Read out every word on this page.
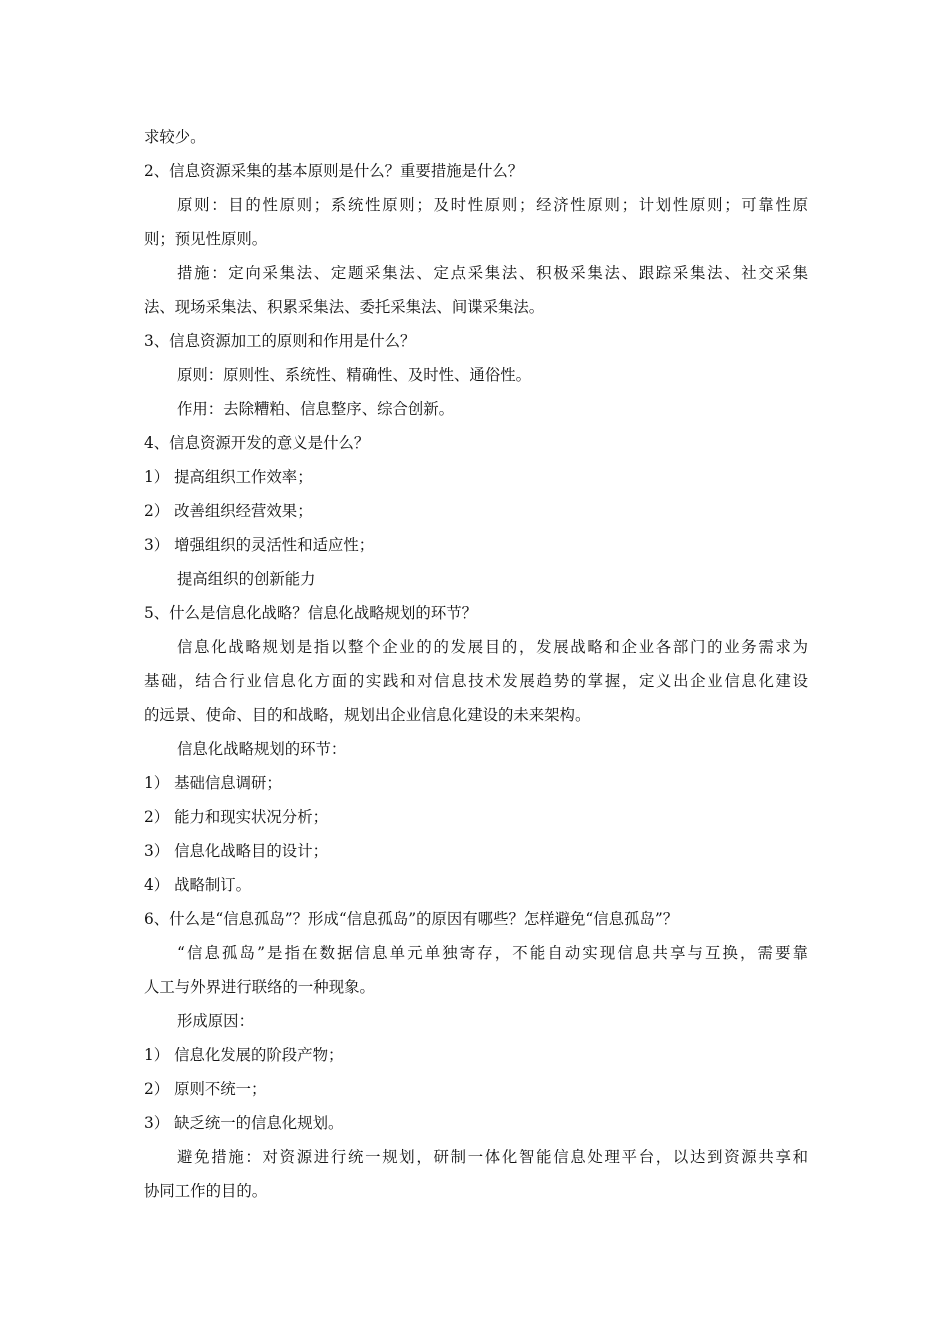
求较少。
2、信息资源采集的基本原则是什么？重要措施是什么？
原则：目的性原则；系统性原则；及时性原则；经济性原则；计划性原则；可靠性原
则；预见性原则。
措施：定向采集法、定题采集法、定点采集法、积极采集法、跟踪采集法、社交采集
法、现场采集法、积累采集法、委托采集法、间谍采集法。
3、信息资源加工的原则和作用是什么？
原则：原则性、系统性、精确性、及时性、通俗性。
作用：去除糟粕、信息整序、综合创新。
4、信息资源开发的意义是什么？
1） 提高组织工作效率；
2） 改善组织经营效果；
3） 增强组织的灵活性和适应性；
提高组织的创新能力
5、什么是信息化战略？信息化战略规划的环节？
信息化战略规划是指以整个企业的的发展目的，发展战略和企业各部门的业务需求为
基础，结合行业信息化方面的实践和对信息技术发展趋势的掌握，定义出企业信息化建设
的远景、使命、目的和战略，规划出企业信息化建设的未来架构。
信息化战略规划的环节：
1） 基础信息调研；
2） 能力和现实状况分析；
3） 信息化战略目的设计；
4） 战略制订。
6、什么是“信息孤岛”？形成“信息孤岛”的原因有哪些？怎样避免“信息孤岛”？
“信息孤岛”是指在数据信息单元单独寄存，不能自动实现信息共享与互换，需要靠
人工与外界进行联络的一种现象。
形成原因：
1） 信息化发展的阶段产物；
2） 原则不统一；
3） 缺乏统一的信息化规划。
避免措施：对资源进行统一规划，研制一体化智能信息处理平台，以达到资源共享和
协同工作的目的。
